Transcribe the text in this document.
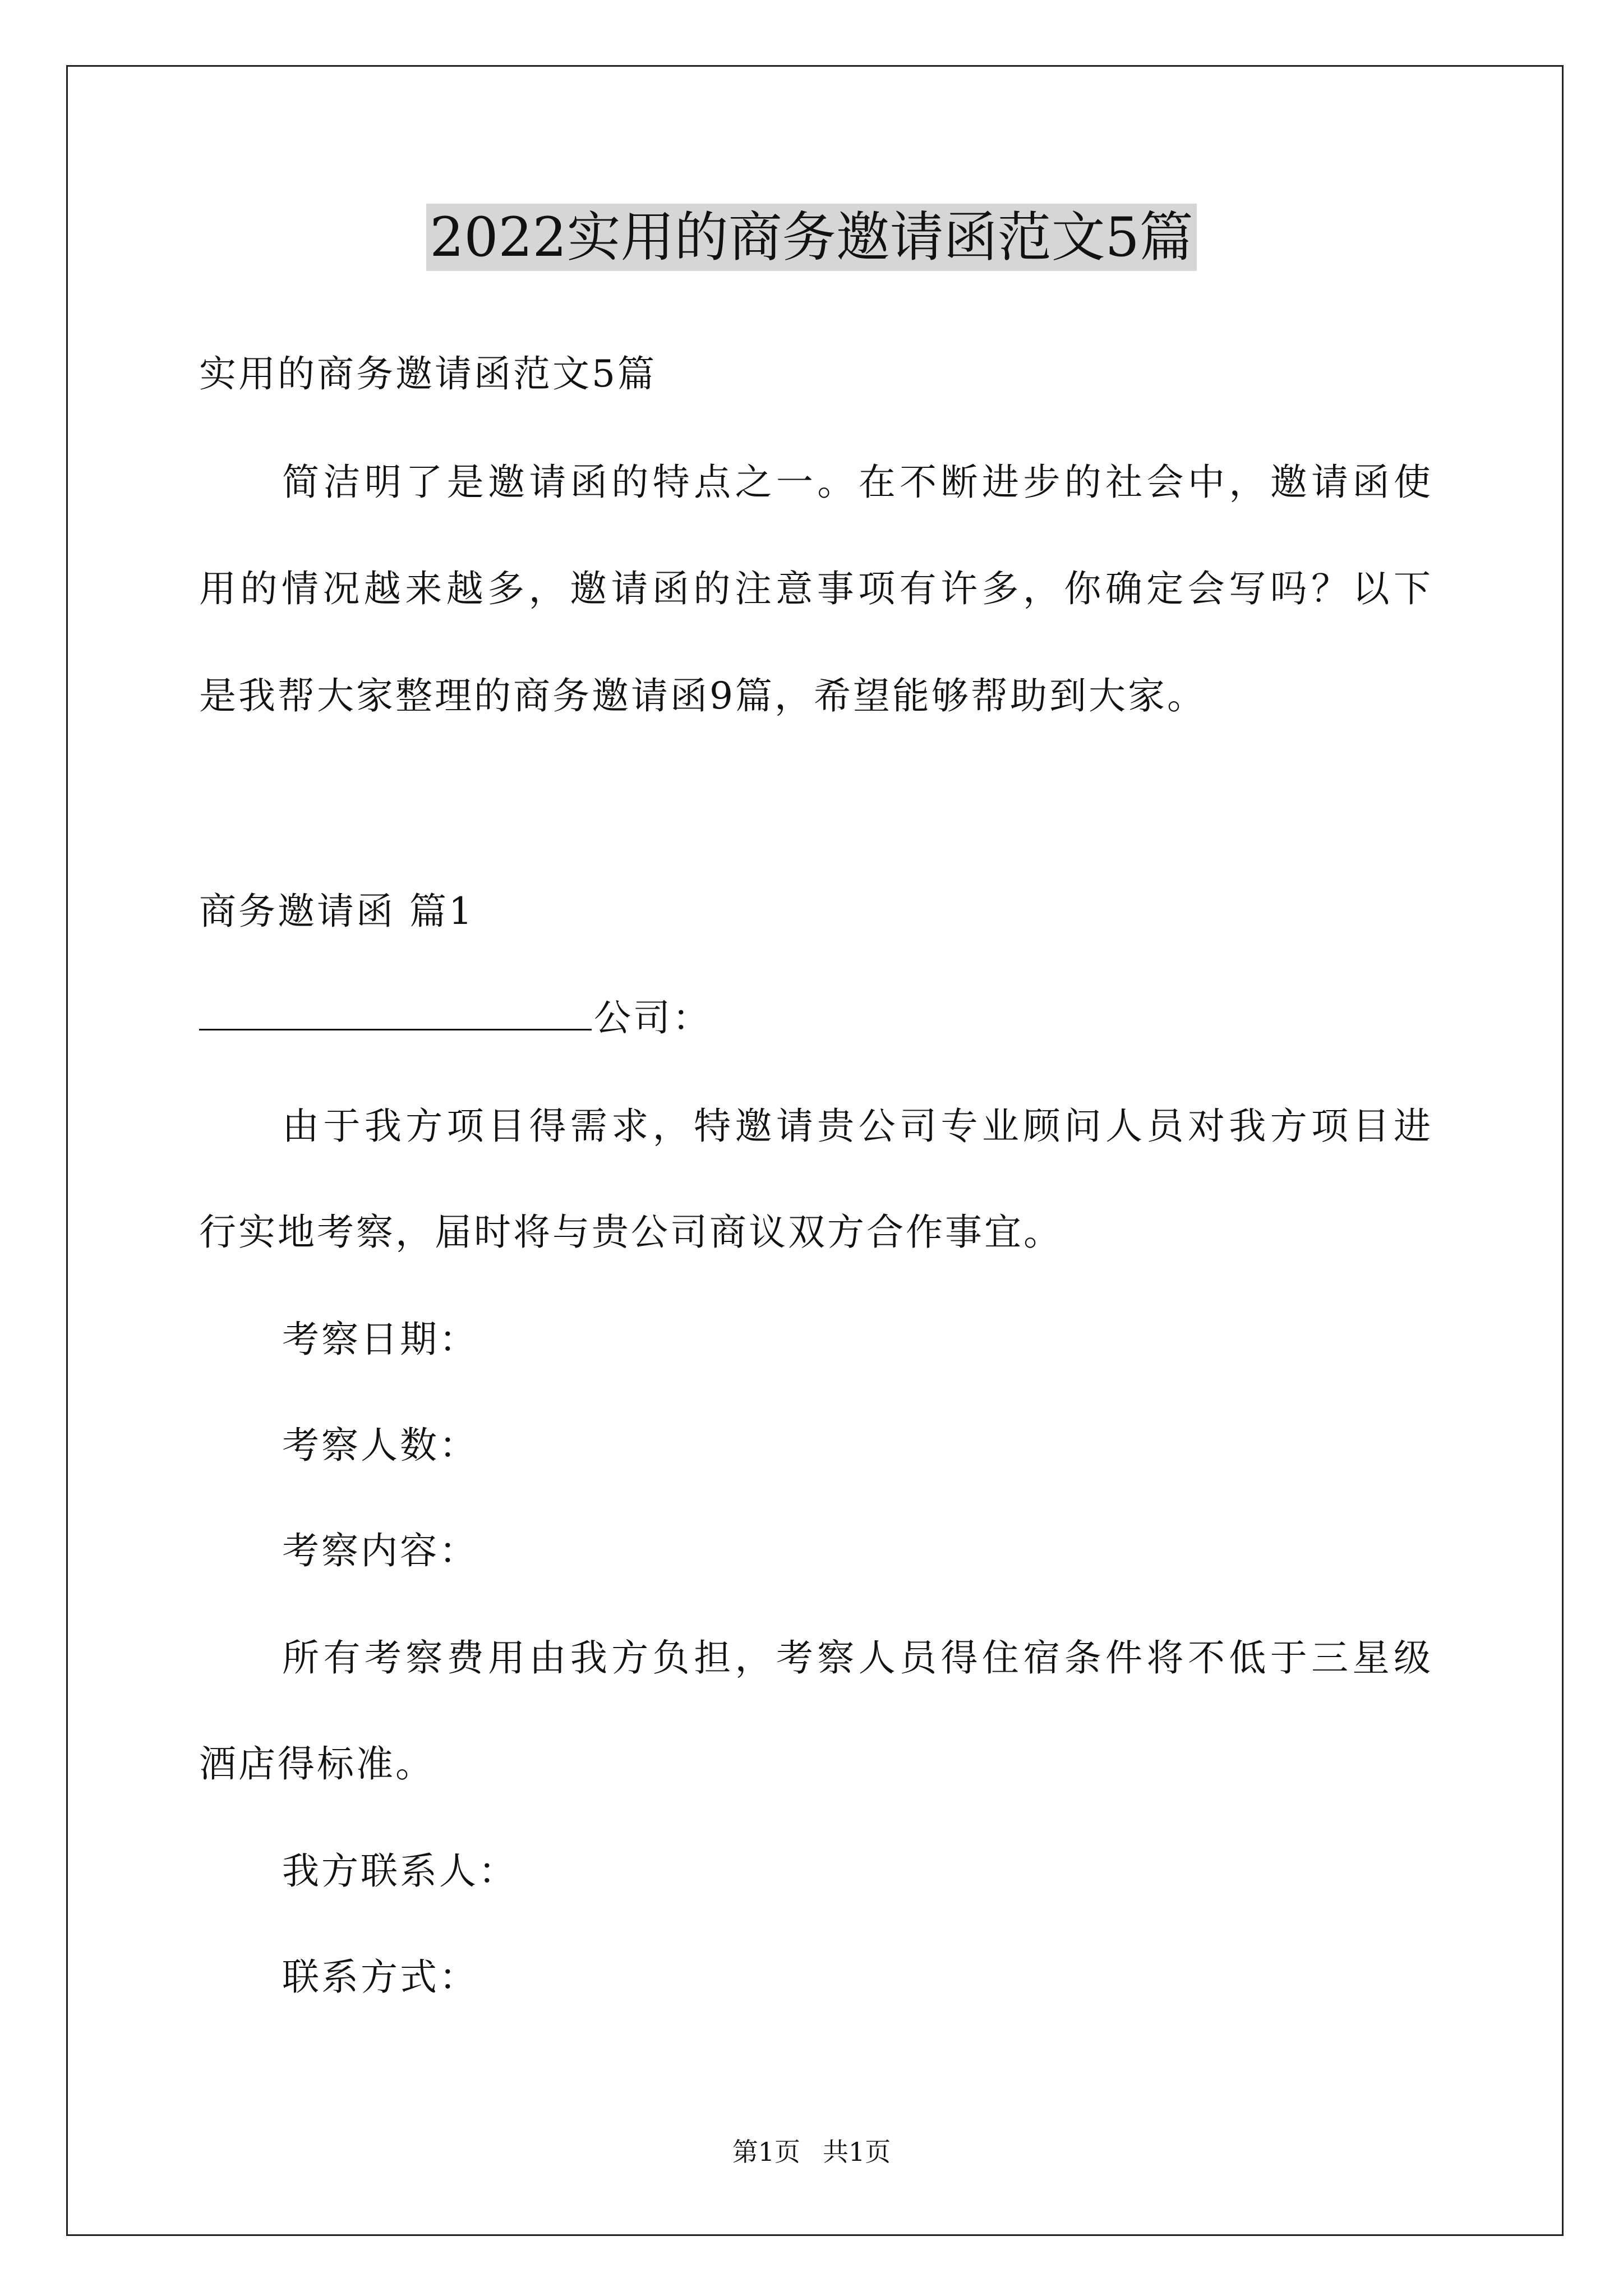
2022实用的商务邀请函范文5篇
实用的商务邀请函范文5篇
简洁明了是邀请函的特点之一。在不断进步的社会中，邀请函使
用的情况越来越多，邀请函的注意事项有许多，你确定会写吗？以下
是我帮大家整理的商务邀请函9篇，希望能够帮助到大家。
商务邀请函 篇1
公司：
由于我方项目得需求，特邀请贵公司专业顾问人员对我方项目进
行实地考察，届时将与贵公司商议双方合作事宜。
考察日期：
考察人数：
考察内容：
所有考察费用由我方负担，考察人员得住宿条件将不低于三星级
酒店得标准。
我方联系人：
联系方式：
第1页 共1页
